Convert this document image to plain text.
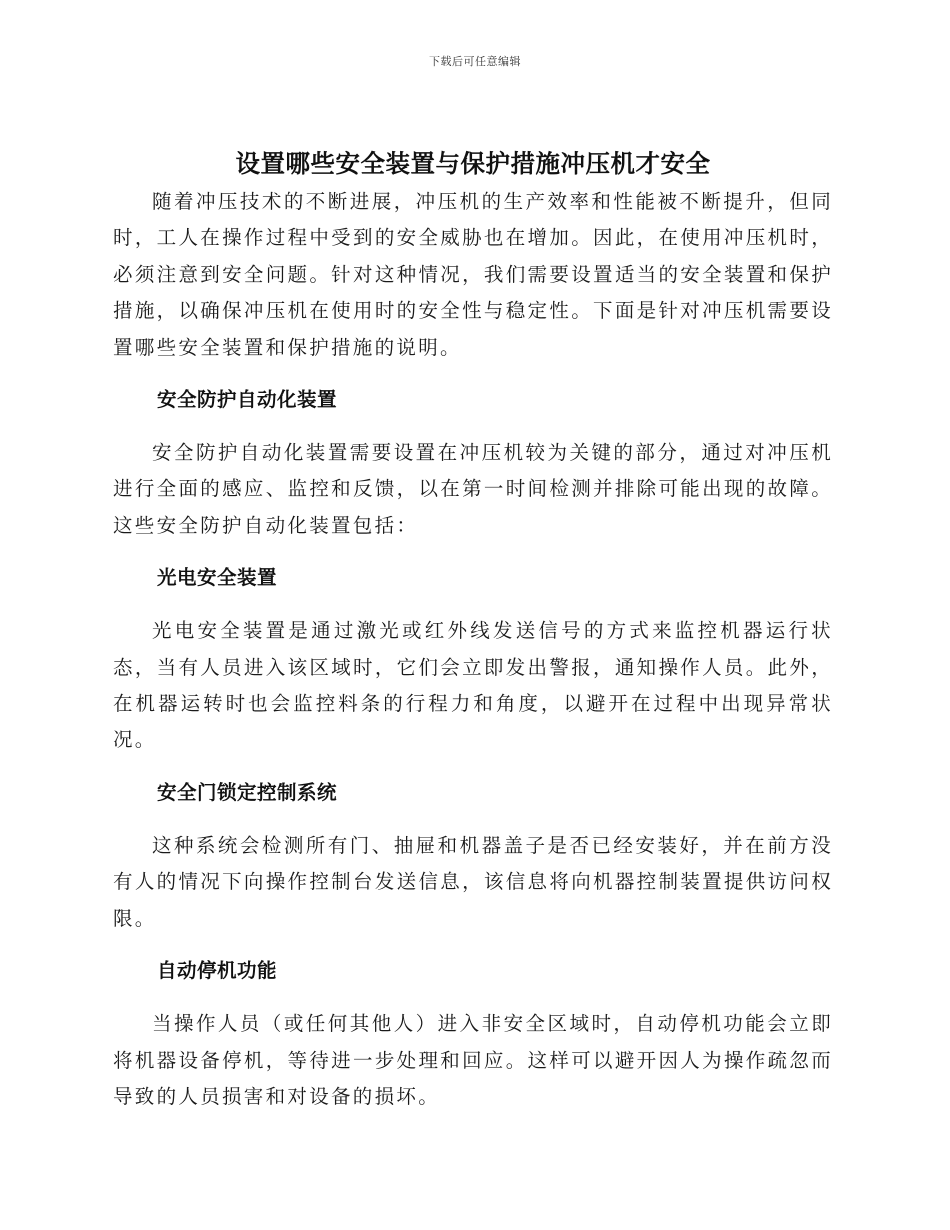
下载后可任意编辑
设置哪些安全装置与保护措施冲压机才安全

随着冲压技术的不断进展，冲压机的生产效率和性能被不断提升，但同时，工人在操作过程中受到的安全威胁也在增加。因此，在使用冲压机时，必须注意到安全问题。针对这种情况，我们需要设置适当的安全装置和保护措施，以确保冲压机在使用时的安全性与稳定性。下面是针对冲压机需要设置哪些安全装置和保护措施的说明。

安全防护自动化装置

安全防护自动化装置需要设置在冲压机较为关键的部分，通过对冲压机进行全面的感应、监控和反馈，以在第一时间检测并排除可能出现的故障。这些安全防护自动化装置包括：

光电安全装置

光电安全装置是通过激光或红外线发送信号的方式来监控机器运行状态，当有人员进入该区域时，它们会立即发出警报，通知操作人员。此外，在机器运转时也会监控料条的行程力和角度，以避开在过程中出现异常状况。

安全门锁定控制系统

这种系统会检测所有门、抽屉和机器盖子是否已经安装好，并在前方没有人的情况下向操作控制台发送信息，该信息将向机器控制装置提供访问权限。

自动停机功能

当操作人员（或任何其他人）进入非安全区域时，自动停机功能会立即将机器设备停机，等待进一步处理和回应。这样可以避开因人为操作疏忽而导致的人员损害和对设备的损坏。
